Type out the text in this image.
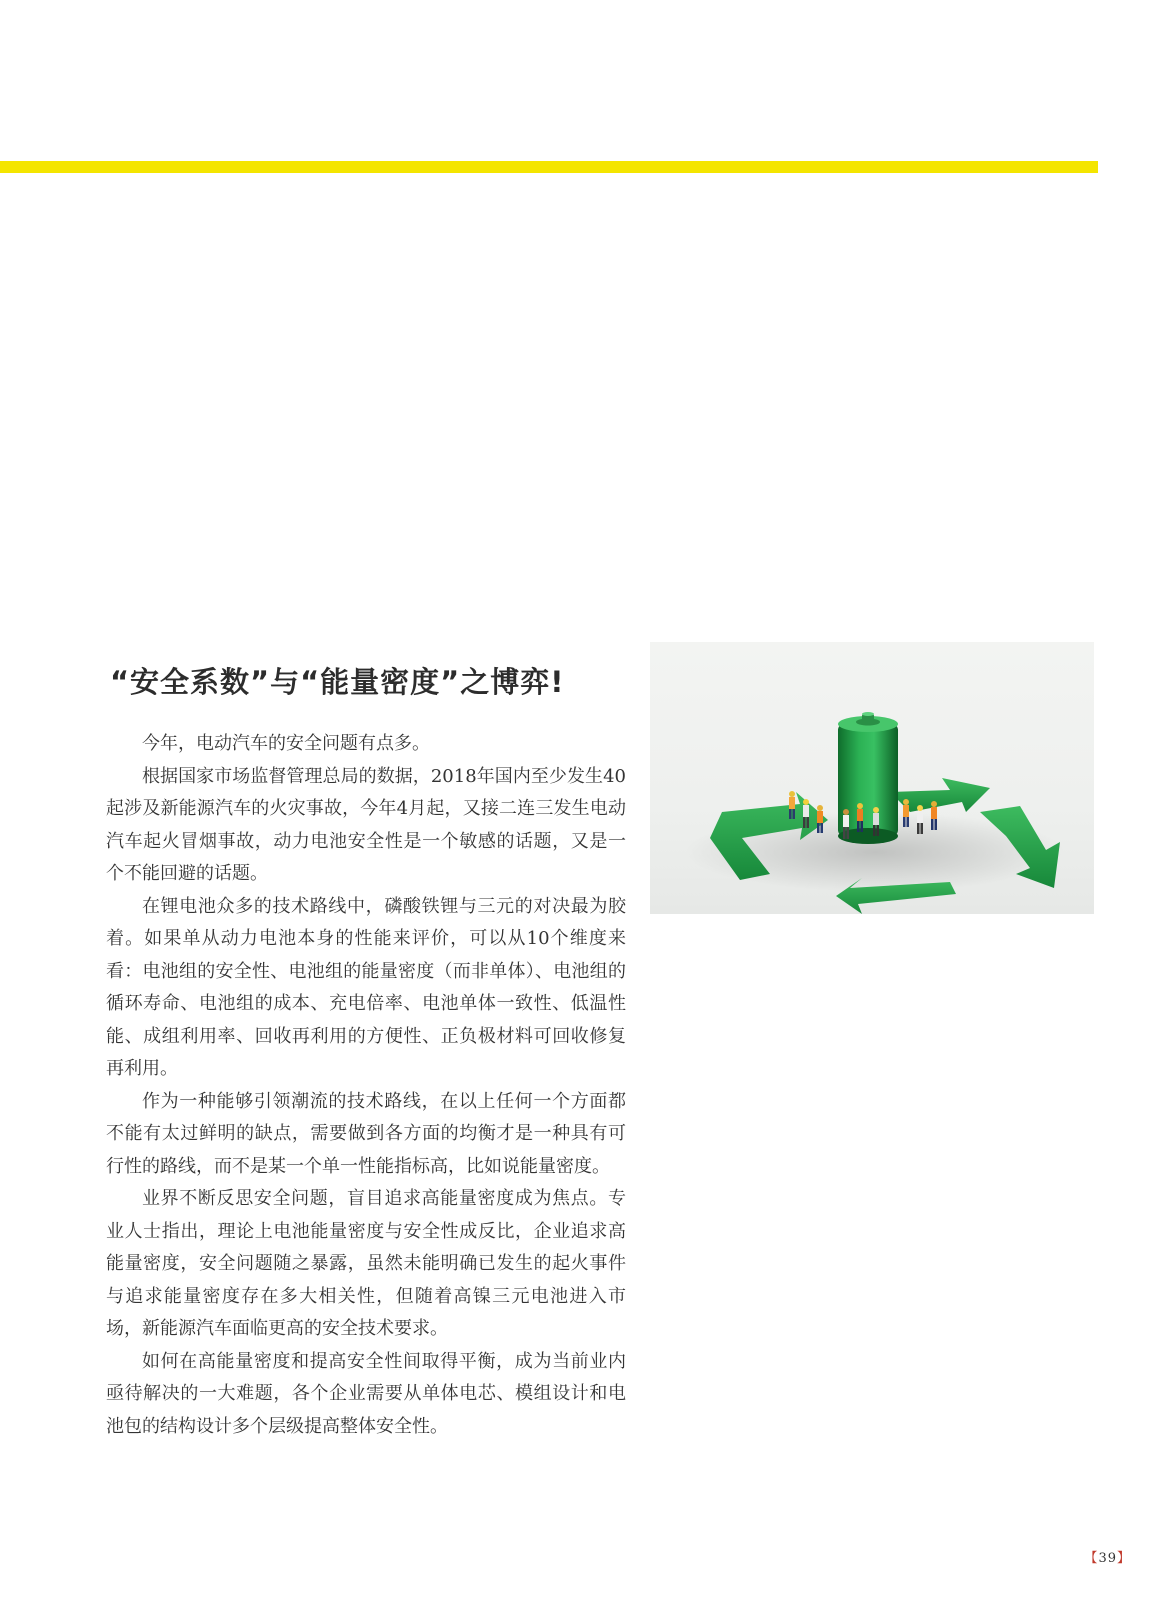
“安全系数”与“能量密度”之博弈!

今年，电动汽车的安全问题有点多。

根据国家市场监督管理总局的数据，2018年国内至少发生40起涉及新能源汽车的火灾事故，今年4月起，又接二连三发生电动汽车起火冒烟事故，动力电池安全性是一个敏感的话题，又是一个不能回避的话题。

在锂电池众多的技术路线中，磷酸铁锂与三元的对决最为胶着。如果单从动力电池本身的性能来评价，可以从10个维度来看：电池组的安全性、电池组的能量密度（而非单体）、电池组的循环寿命、电池组的成本、充电倍率、电池单体一致性、低温性能、成组利用率、回收再利用的方便性、正负极材料可回收修复再利用。

作为一种能够引领潮流的技术路线，在以上任何一个方面都不能有太过鲜明的缺点，需要做到各方面的均衡才是一种具有可行性的路线，而不是某一个单一性能指标高，比如说能量密度。

业界不断反思安全问题，盲目追求高能量密度成为焦点。专业人士指出，理论上电池能量密度与安全性成反比，企业追求高能量密度，安全问题随之暴露，虽然未能明确已发生的起火事件与追求能量密度存在多大相关性，但随着高镍三元电池进入市场，新能源汽车面临更高的安全技术要求。

如何在高能量密度和提高安全性间取得平衡，成为当前业内亟待解决的一大难题，各个企业需要从单体电芯、模组设计和电池包的结构设计多个层级提高整体安全性。

【39】
